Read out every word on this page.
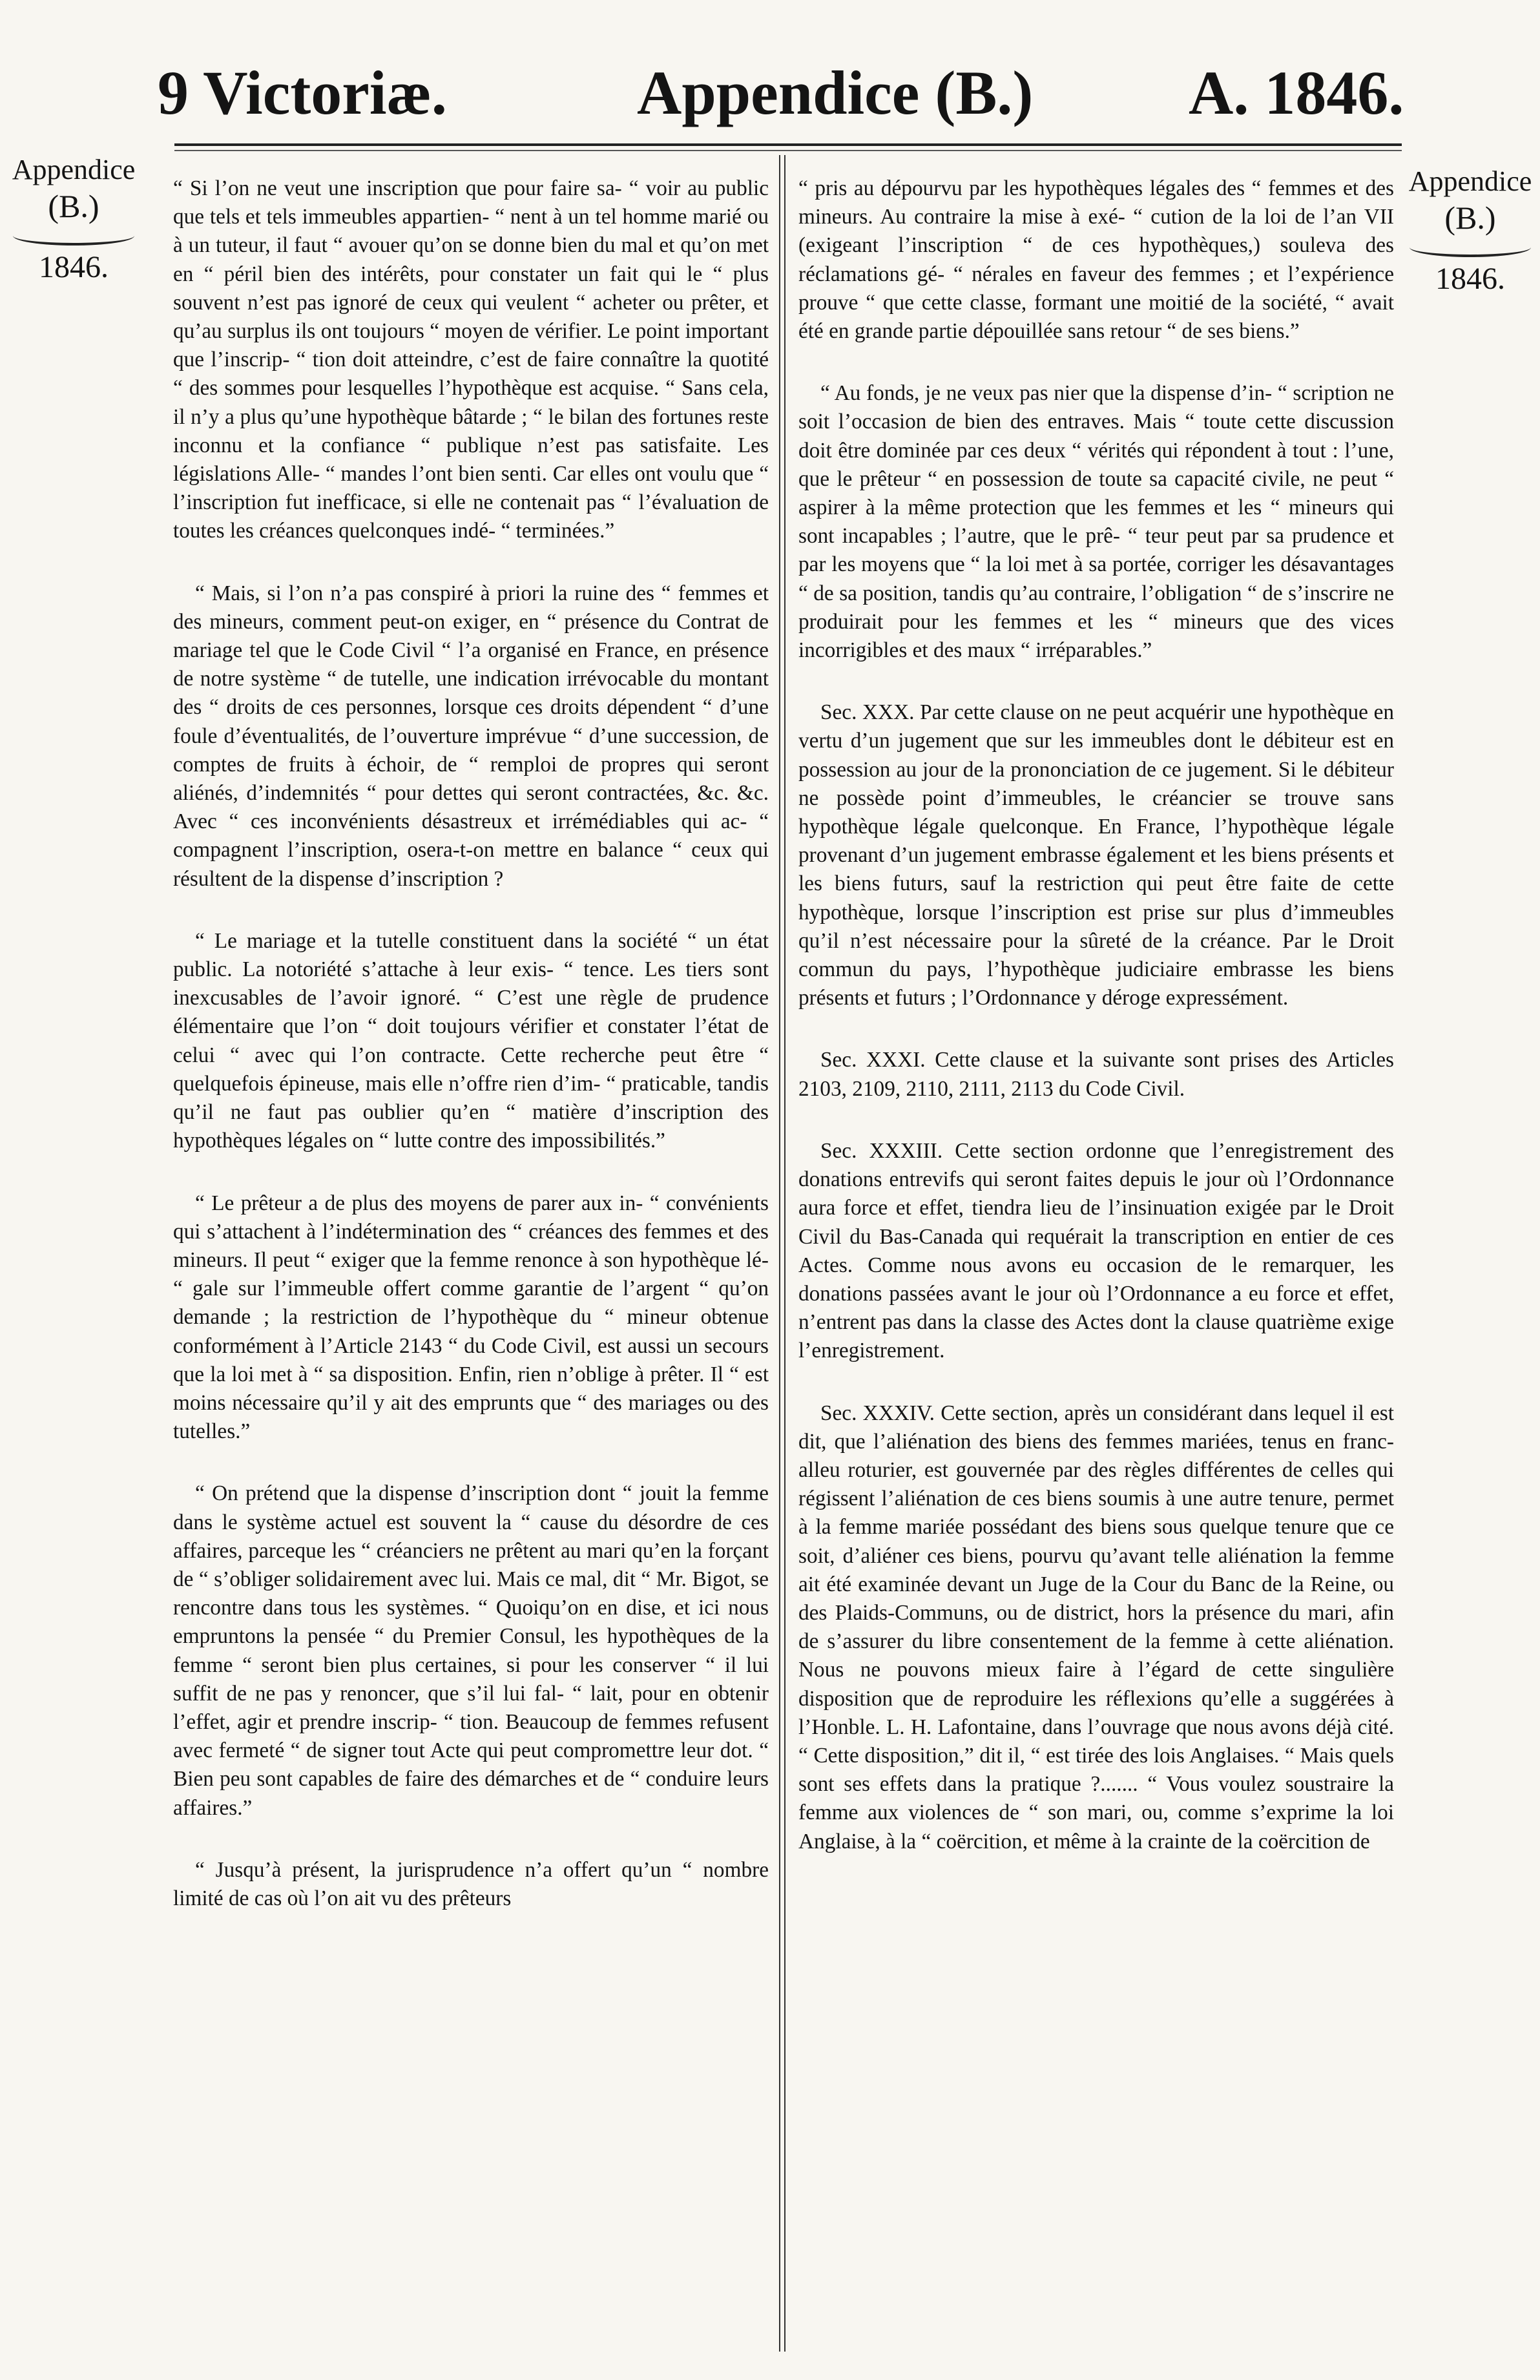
9 Victoriæ.	Appendice (B.)	A. 1846.
Appendice
(B.)
1846.
Appendice
(B.)
1846.

“ Si l’on ne veut une inscription que pour faire sa- “ voir au public que tels et tels immeubles appartien- “ nent à un tel homme marié ou à un tuteur, il faut “ avouer qu’on se donne bien du mal et qu’on met en “ péril bien des intérêts, pour constater un fait qui le “ plus souvent n’est pas ignoré de ceux qui veulent “ acheter ou prêter, et qu’au surplus ils ont toujours “ moyen de vérifier. Le point important que l’inscrip- “ tion doit atteindre, c’est de faire connaître la quotité “ des sommes pour lesquelles l’hypothèque est acquise. “ Sans cela, il n’y a plus qu’une hypothèque bâtarde ; “ le bilan des fortunes reste inconnu et la confiance “ publique n’est pas satisfaite. Les législations Alle- “ mandes l’ont bien senti. Car elles ont voulu que “ l’inscription fut inefficace, si elle ne contenait pas “ l’évaluation de toutes les créances quelconques indé- “ terminées.”

“ Mais, si l’on n’a pas conspiré à priori la ruine des “ femmes et des mineurs, comment peut-on exiger, en “ présence du Contrat de mariage tel que le Code Civil “ l’a organisé en France, en présence de notre système “ de tutelle, une indication irrévocable du montant des “ droits de ces personnes, lorsque ces droits dépendent “ d’une foule d’éventualités, de l’ouverture imprévue “ d’une succession, de comptes de fruits à échoir, de “ remploi de propres qui seront aliénés, d’indemnités “ pour dettes qui seront contractées, &c. &c. Avec “ ces inconvénients désastreux et irrémédiables qui ac- “ compagnent l’inscription, osera-t-on mettre en balance “ ceux qui résultent de la dispense d’inscription ?

“ Le mariage et la tutelle constituent dans la société “ un état public. La notoriété s’attache à leur exis- “ tence. Les tiers sont inexcusables de l’avoir ignoré. “ C’est une règle de prudence élémentaire que l’on “ doit toujours vérifier et constater l’état de celui “ avec qui l’on contracte. Cette recherche peut être “ quelquefois épineuse, mais elle n’offre rien d’im- “ praticable, tandis qu’il ne faut pas oublier qu’en “ matière d’inscription des hypothèques légales on “ lutte contre des impossibilités.”

“ Le prêteur a de plus des moyens de parer aux in- “ convénients qui s’attachent à l’indétermination des “ créances des femmes et des mineurs. Il peut “ exiger que la femme renonce à son hypothèque lé- “ gale sur l’immeuble offert comme garantie de l’argent “ qu’on demande ; la restriction de l’hypothèque du “ mineur obtenue conformément à l’Article 2143 “ du Code Civil, est aussi un secours que la loi met à “ sa disposition. Enfin, rien n’oblige à prêter. Il “ est moins nécessaire qu’il y ait des emprunts que “ des mariages ou des tutelles.”

“ On prétend que la dispense d’inscription dont “ jouit la femme dans le système actuel est souvent la “ cause du désordre de ces affaires, parceque les “ créanciers ne prêtent au mari qu’en la forçant de “ s’obliger solidairement avec lui. Mais ce mal, dit “ Mr. Bigot, se rencontre dans tous les systèmes. “ Quoiqu’on en dise, et ici nous empruntons la pensée “ du Premier Consul, les hypothèques de la femme “ seront bien plus certaines, si pour les conserver “ il lui suffit de ne pas y renoncer, que s’il lui fal- “ lait, pour en obtenir l’effet, agir et prendre inscrip- “ tion. Beaucoup de femmes refusent avec fermeté “ de signer tout Acte qui peut compromettre leur dot. “ Bien peu sont capables de faire des démarches et de “ conduire leurs affaires.”

“ Jusqu’à présent, la jurisprudence n’a offert qu’un “ nombre limité de cas où l’on ait vu des prêteurs

“ pris au dépourvu par les hypothèques légales des “ femmes et des mineurs. Au contraire la mise à exé- “ cution de la loi de l’an VII (exigeant l’inscription “ de ces hypothèques,) souleva des réclamations gé- “ nérales en faveur des femmes ; et l’expérience prouve “ que cette classe, formant une moitié de la société, “ avait été en grande partie dépouillée sans retour “ de ses biens.”

“ Au fonds, je ne veux pas nier que la dispense d’in- “ scription ne soit l’occasion de bien des entraves. Mais “ toute cette discussion doit être dominée par ces deux “ vérités qui répondent à tout : l’une, que le prêteur “ en possession de toute sa capacité civile, ne peut “ aspirer à la même protection que les femmes et les “ mineurs qui sont incapables ; l’autre, que le prê- “ teur peut par sa prudence et par les moyens que “ la loi met à sa portée, corriger les désavantages “ de sa position, tandis qu’au contraire, l’obligation “ de s’inscrire ne produirait pour les femmes et les “ mineurs que des vices incorrigibles et des maux “ irréparables.”

Sec. XXX. Par cette clause on ne peut acquérir une hypothèque en vertu d’un jugement que sur les immeubles dont le débiteur est en possession au jour de la prononciation de ce jugement. Si le débiteur ne possède point d’immeubles, le créancier se trouve sans hypothèque légale quelconque. En France, l’hypothèque légale provenant d’un jugement embrasse également et les biens présents et les biens futurs, sauf la restriction qui peut être faite de cette hypothèque, lorsque l’inscription est prise sur plus d’immeubles qu’il n’est nécessaire pour la sûreté de la créance. Par le Droit commun du pays, l’hypothèque judiciaire embrasse les biens présents et futurs ; l’Ordonnance y déroge expressément.

Sec. XXXI. Cette clause et la suivante sont prises des Articles 2103, 2109, 2110, 2111, 2113 du Code Civil.

Sec. XXXIII. Cette section ordonne que l’enregistrement des donations entrevifs qui seront faites depuis le jour où l’Ordonnance aura force et effet, tiendra lieu de l’insinuation exigée par le Droit Civil du Bas-Canada qui requérait la transcription en entier de ces Actes. Comme nous avons eu occasion de le remarquer, les donations passées avant le jour où l’Ordonnance a eu force et effet, n’entrent pas dans la classe des Actes dont la clause quatrième exige l’enregistrement.

Sec. XXXIV. Cette section, après un considérant dans lequel il est dit, que l’aliénation des biens des femmes mariées, tenus en franc-alleu roturier, est gouvernée par des règles différentes de celles qui régissent l’aliénation de ces biens soumis à une autre tenure, permet à la femme mariée possédant des biens sous quelque tenure que ce soit, d’aliéner ces biens, pourvu qu’avant telle aliénation la femme ait été examinée devant un Juge de la Cour du Banc de la Reine, ou des Plaids-Communs, ou de district, hors la présence du mari, afin de s’assurer du libre consentement de la femme à cette aliénation. Nous ne pouvons mieux faire à l’égard de cette singulière disposition que de reproduire les réflexions qu’elle a suggérées à l’Honble. L. H. Lafontaine, dans l’ouvrage que nous avons déjà cité. “ Cette disposition,” dit il, “ est tirée des lois Anglaises. “ Mais quels sont ses effets dans la pratique ?....... “ Vous voulez soustraire la femme aux violences de “ son mari, ou, comme s’exprime la loi Anglaise, à la “ coërcition, et même à la crainte de la coërcition de
